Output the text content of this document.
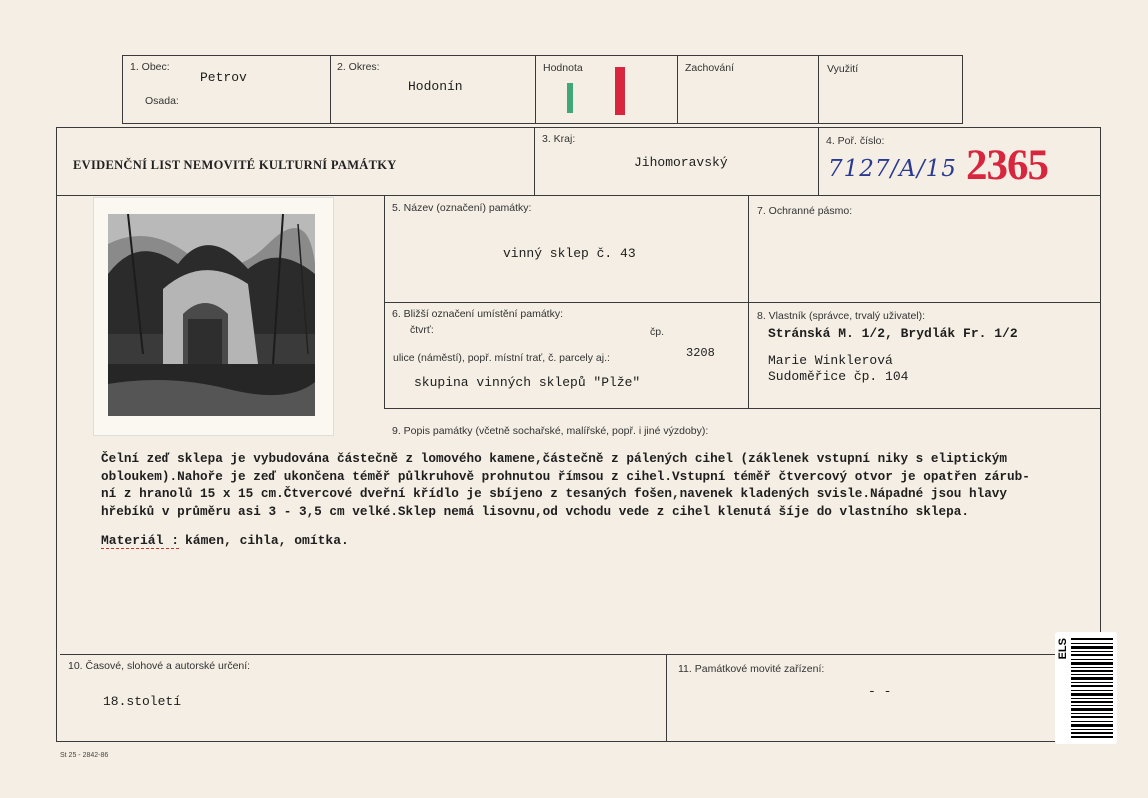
1. Obec:
Petrov
Osada:
2. Okres:
Hodonín
Hodnota	Zachování	Využití
EVIDENČNÍ LIST NEMOVITÉ KULTURNÍ PAMÁTKY
3. Kraj:
Jihomoravský
4. Poř. číslo:
7127/A/15 2365
5. Název (označení) památky:
vinný sklep č. 43
7. Ochranné pásmo:
6. Bližší označení umístění památky:
čtvrť:	čp.
ulice (náměstí), popř. místní trať, č. parcely aj.:	3208
skupina vinných sklepů "Plže"
8. Vlastník (správce, trvalý uživatel):
Stránská M. 1/2, Brydlák Fr. 1/2
Marie Winklerová
Sudoměřice čp. 104
9. Popis památky (včetně sochařské, malířské, popř. i jiné výzdoby):
Čelní zeď sklepa je vybudována částečně z lomového kamene,částečně z pálených cihel (záklenek vstupní niky s eliptickým
obloukem).Nahoře je zeď ukončena téměř půlkruhově prohnutou římsou z cihel.Vstupní téměř čtvercový otvor je opatřen zárub-
ní z hranolů 15 x 15 cm.Čtvercové dveřní křídlo je sbíjeno z tesaných fošen,navenek kladených svisle.Nápadné jsou hlavy
hřebíků v průměru asi 3 - 3,5 cm velké.Sklep nemá lisovnu,od vchodu vede z cihel klenutá šíje do vlastního sklepa.
Materiál : kámen, cihla, omítka.
10. Časové, slohové a autorské určení:
18.století
11. Památkové movité zařízení:
- -
ELS
St 25 - 2842-86
